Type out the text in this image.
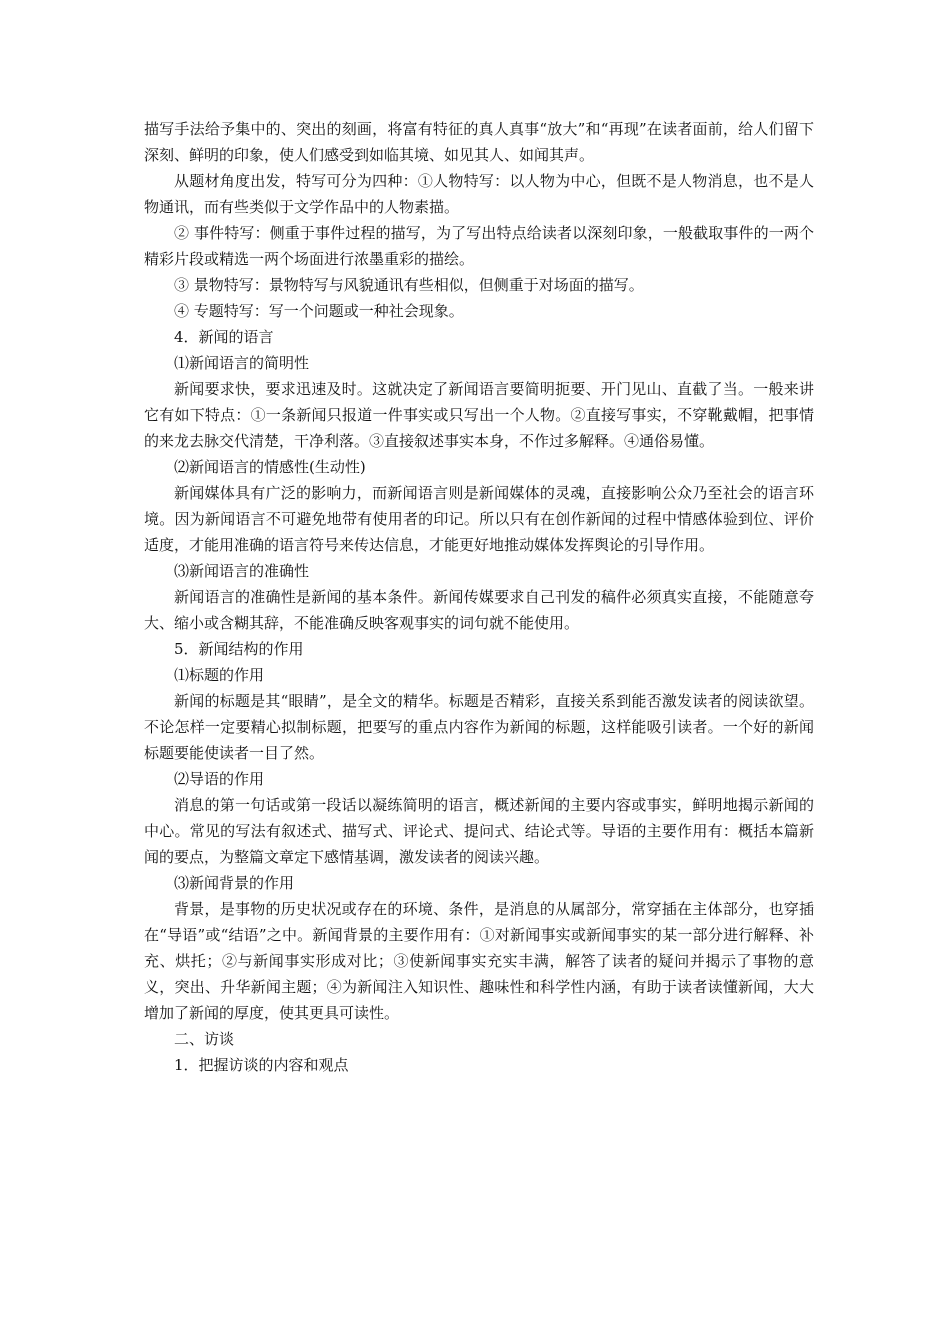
描写手法给予集中的、突出的刻画，将富有特征的真人真事“放大”和“再现”在读者面前，给人们留下深刻、鲜明的印象，使人们感受到如临其境、如见其人、如闻其声。

从题材角度出发，特写可分为四种：①人物特写：以人物为中心，但既不是人物消息，也不是人物通讯，而有些类似于文学作品中的人物素描。

② 事件特写：侧重于事件过程的描写，为了写出特点给读者以深刻印象，一般截取事件的一两个精彩片段或精选一两个场面进行浓墨重彩的描绘。

③ 景物特写：景物特写与风貌通讯有些相似，但侧重于对场面的描写。

④ 专题特写：写一个问题或一种社会现象。

4．新闻的语言

⑴新闻语言的简明性

新闻要求快，要求迅速及时。这就决定了新闻语言要简明扼要、开门见山、直截了当。一般来讲它有如下特点：①一条新闻只报道一件事实或只写出一个人物。②直接写事实，不穿靴戴帽，把事情的来龙去脉交代清楚，干净利落。③直接叙述事实本身，不作过多解释。④通俗易懂。

⑵新闻语言的情感性(生动性)

新闻媒体具有广泛的影响力，而新闻语言则是新闻媒体的灵魂，直接影响公众乃至社会的语言环境。因为新闻语言不可避免地带有使用者的印记。所以只有在创作新闻的过程中情感体验到位、评价适度，才能用准确的语言符号来传达信息，才能更好地推动媒体发挥舆论的引导作用。

⑶新闻语言的准确性

新闻语言的准确性是新闻的基本条件。新闻传媒要求自己刊发的稿件必须真实直接，不能随意夸大、缩小或含糊其辞，不能准确反映客观事实的词句就不能使用。

5．新闻结构的作用

⑴标题的作用

新闻的标题是其“眼睛”，是全文的精华。标题是否精彩，直接关系到能否激发读者的阅读欲望。不论怎样一定要精心拟制标题，把要写的重点内容作为新闻的标题，这样能吸引读者。一个好的新闻标题要能使读者一目了然。

⑵导语的作用

消息的第一句话或第一段话以凝练简明的语言，概述新闻的主要内容或事实，鲜明地揭示新闻的中心。常见的写法有叙述式、描写式、评论式、提问式、结论式等。导语的主要作用有：概括本篇新闻的要点，为整篇文章定下感情基调，激发读者的阅读兴趣。

⑶新闻背景的作用

背景，是事物的历史状况或存在的环境、条件，是消息的从属部分，常穿插在主体部分，也穿插在“导语”或“结语”之中。新闻背景的主要作用有：①对新闻事实或新闻事实的某一部分进行解释、补充、烘托；②与新闻事实形成对比；③使新闻事实充实丰满，解答了读者的疑问并揭示了事物的意义，突出、升华新闻主题；④为新闻注入知识性、趣味性和科学性内涵，有助于读者读懂新闻，大大增加了新闻的厚度，使其更具可读性。

二、访谈

1．把握访谈的内容和观点
